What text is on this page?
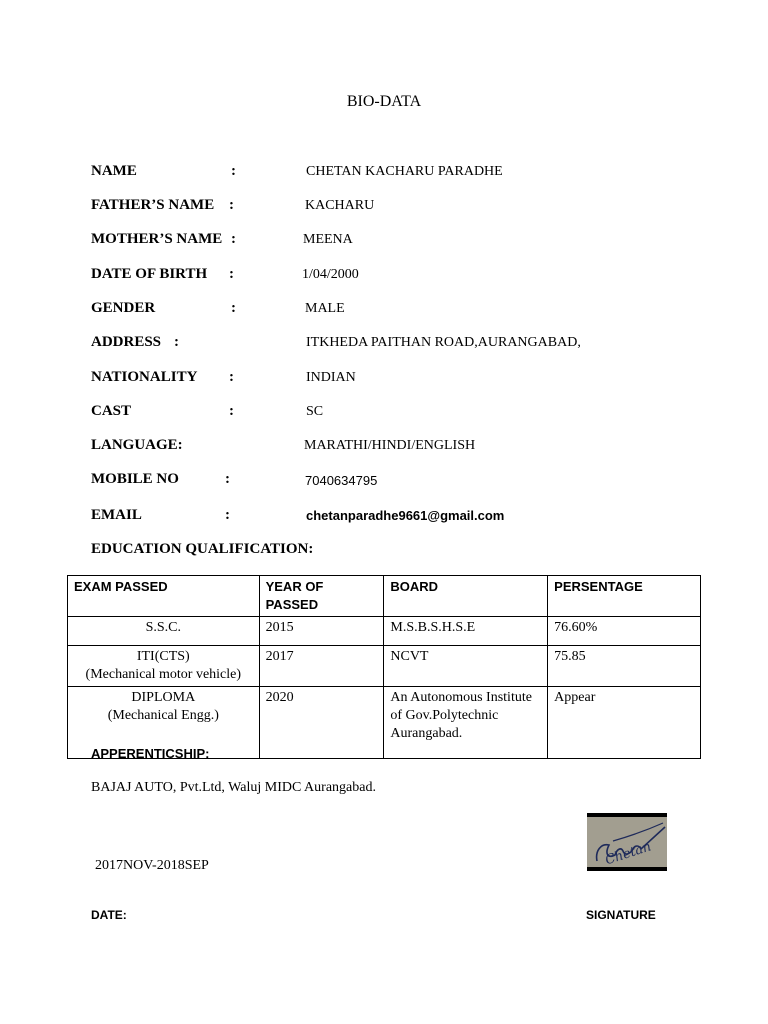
BIO-DATA
NAME	:	CHETAN KACHARU PARADHE
FATHER’S NAME :	KACHARU
MOTHER’S NAME :	MEENA
DATE OF BIRTH :	1/04/2000
GENDER	:	MALE
ADDRESS :	ITKHEDA PAITHAN ROAD,AURANGABAD,
NATIONALITY :	INDIAN
CAST	:	SC
LANGUAGE:	MARATHI/HINDI/ENGLISH
MOBILE NO	:	7040634795
EMAIL	:	chetanparadhe9661@gmail.com
EDUCATION QUALIFICATION:
EXAM PASSED	YEAR OF PASSED	BOARD	PERSENTAGE

S.S.C.	2015	M.S.B.S.H.S.E	76.60%

ITI(CTS)
(Mechanical motor vehicle)	2017	NCVT	75.85

DIPLOMA
(Mechanical Engg.)	2020	An Autonomous Institute of Gov.Polytechnic Aurangabad.	Appear
APPERENTICSHIP:
BAJAJ AUTO, Pvt.Ltd, Waluj MIDC Aurangabad.
2017NOV-2018SEP	Chetan
DATE:	SIGNATURE
